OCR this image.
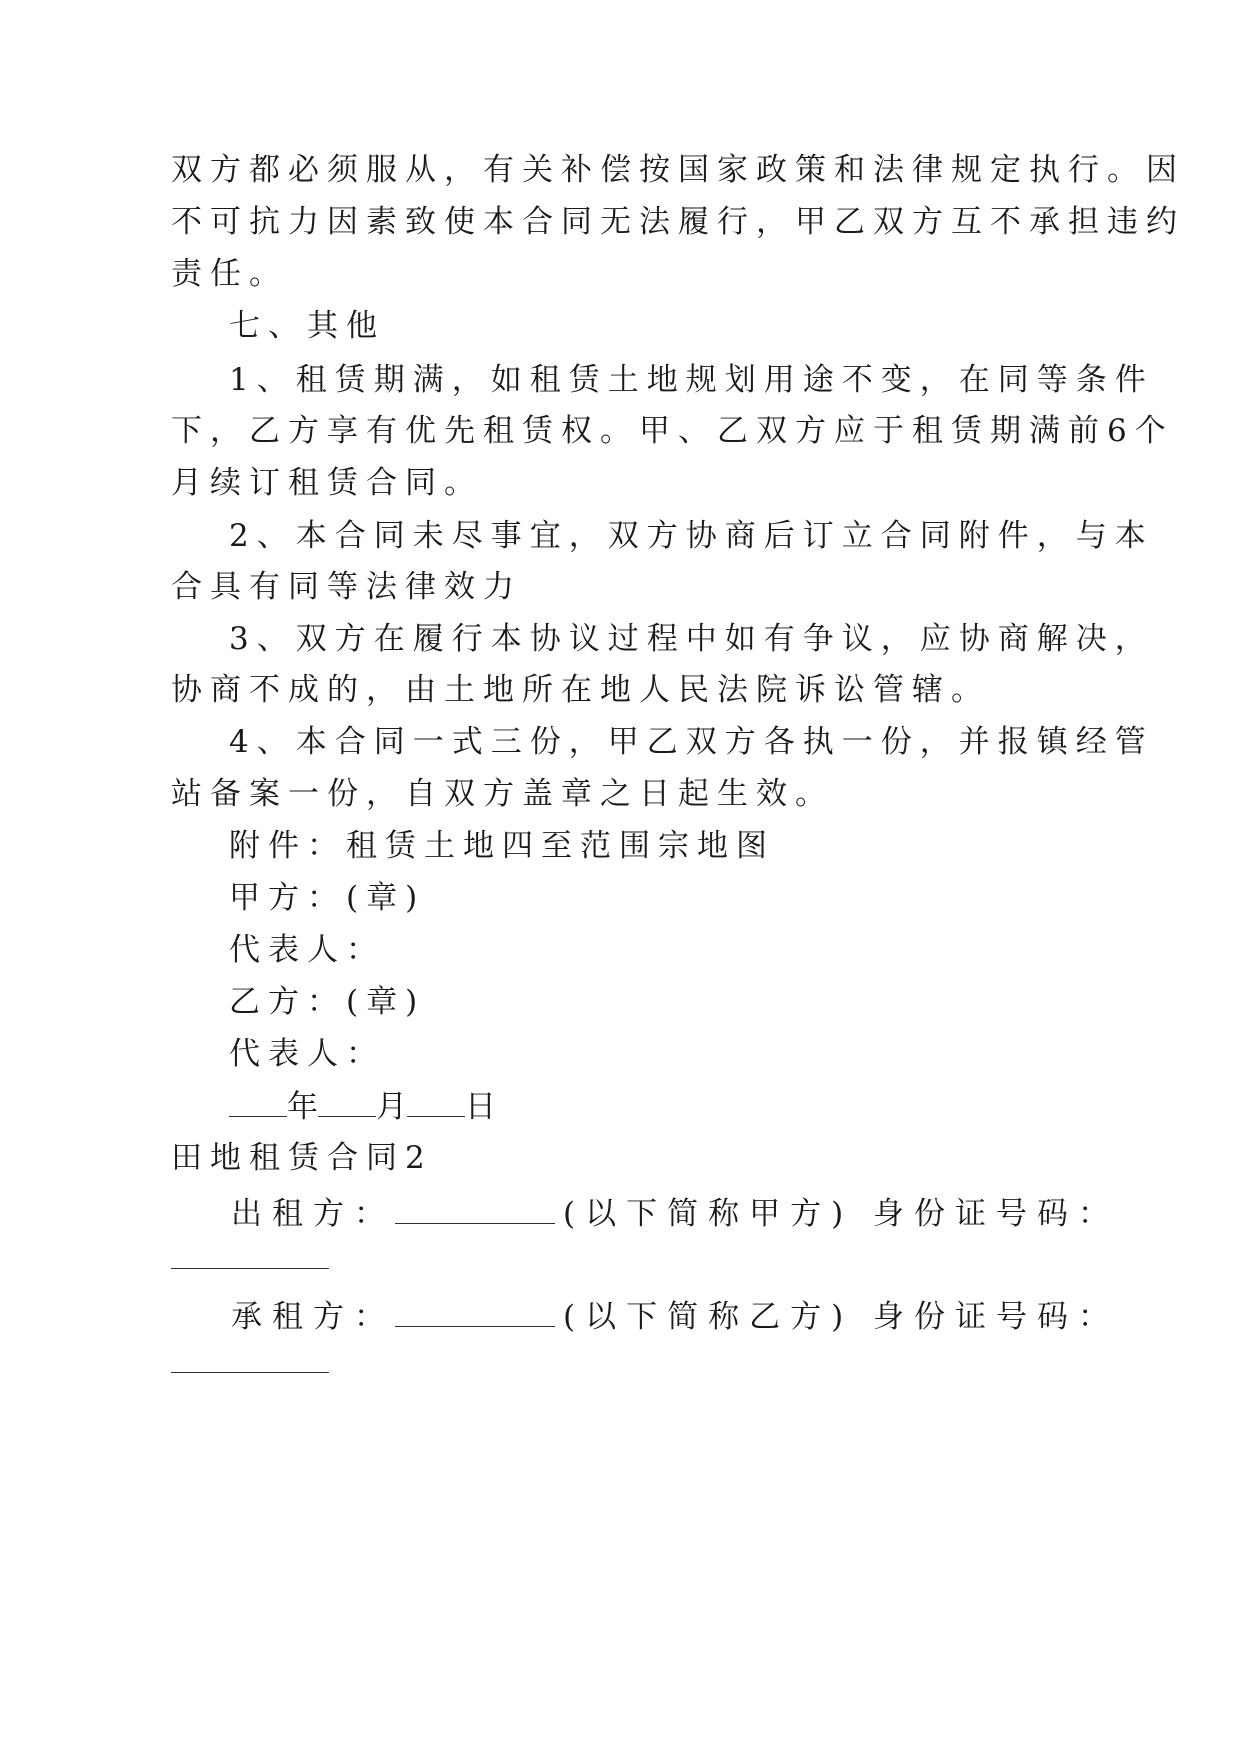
双方都必须服从，有关补偿按国家政策和法律规定执行。因
不可抗力因素致使本合同无法履行，甲乙双方互不承担违约
责任。
七、其他
1、租赁期满，如租赁土地规划用途不变，在同等条件
下，乙方享有优先租赁权。甲、乙双方应于租赁期满前6个
月续订租赁合同。
2、本合同未尽事宜，双方协商后订立合同附件，与本
合具有同等法律效力
3、双方在履行本协议过程中如有争议，应协商解决，
协商不成的，由土地所在地人民法院诉讼管辖。
4、本合同一式三份，甲乙双方各执一份，并报镇经管
站备案一份，自双方盖章之日起生效。
附件：租赁土地四至范围宗地图
甲方：(章)
代表人：
乙方：(章)
代表人：
年 月 日
田地租赁合同2
出租方：	(以下简称甲方) 身份证号码：
承租方：	(以下简称乙方) 身份证号码：
